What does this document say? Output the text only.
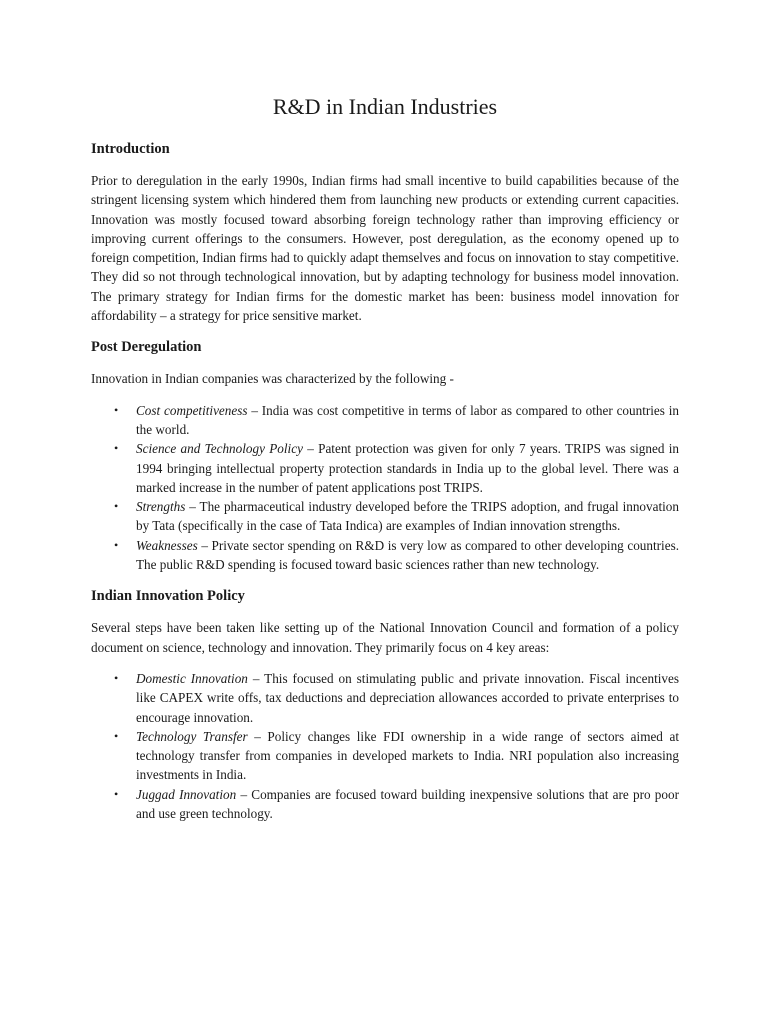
R&D in Indian Industries
Introduction

Prior to deregulation in the early 1990s, Indian firms had small incentive to build capabilities because of the stringent licensing system which hindered them from launching new products or extending current capacities. Innovation was mostly focused toward absorbing foreign technology rather than improving efficiency or improving current offerings to the consumers. However, post deregulation, as the economy opened up to foreign competition, Indian firms had to quickly adapt themselves and focus on innovation to stay competitive. They did so not through technological innovation, but by adapting technology for business model innovation. The primary strategy for Indian firms for the domestic market has been: business model innovation for affordability – a strategy for price sensitive market.

Post Deregulation

Innovation in Indian companies was characterized by the following -

• Cost competitiveness – India was cost competitive in terms of labor as compared to other countries in the world.
• Science and Technology Policy – Patent protection was given for only 7 years. TRIPS was signed in 1994 bringing intellectual property protection standards in India up to the global level. There was a marked increase in the number of patent applications post TRIPS.
• Strengths – The pharmaceutical industry developed before the TRIPS adoption, and frugal innovation by Tata (specifically in the case of Tata Indica) are examples of Indian innovation strengths.
• Weaknesses – Private sector spending on R&D is very low as compared to other developing countries. The public R&D spending is focused toward basic sciences rather than new technology.
Indian Innovation Policy

Several steps have been taken like setting up of the National Innovation Council and formation of a policy document on science, technology and innovation. They primarily focus on 4 key areas:

• Domestic Innovation – This focused on stimulating public and private innovation. Fiscal incentives like CAPEX write offs, tax deductions and depreciation allowances accorded to private enterprises to encourage innovation.
• Technology Transfer – Policy changes like FDI ownership in a wide range of sectors aimed at technology transfer from companies in developed markets to India. NRI population also increasing investments in India.
• Juggad Innovation – Companies are focused toward building inexpensive solutions that are pro poor and use green technology.
